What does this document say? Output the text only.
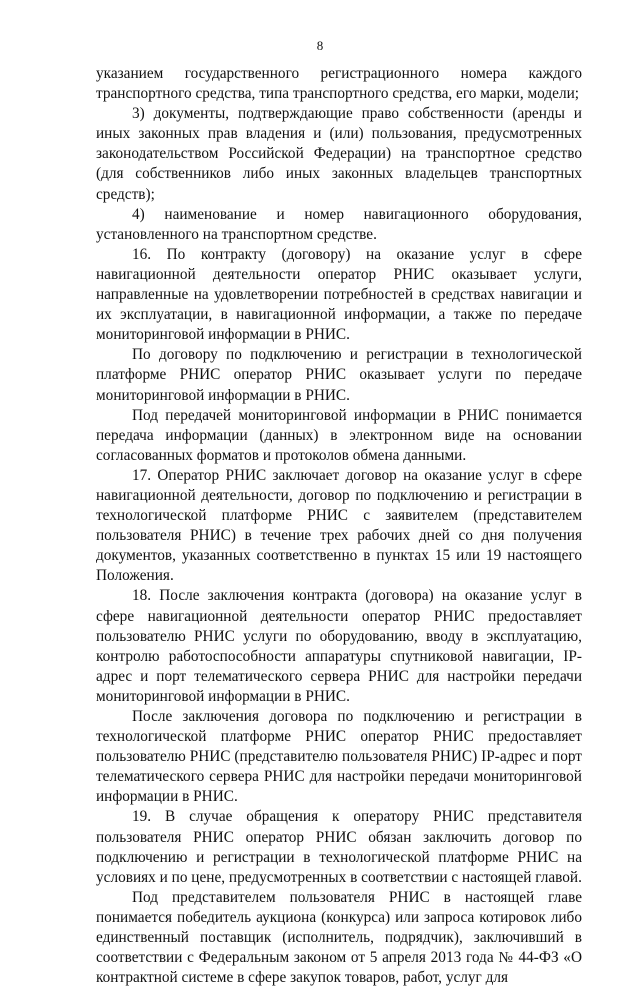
8

указанием государственного регистрационного номера каждого транспортного средства, типа транспортного средства, его марки, модели;

3) документы, подтверждающие право собственности (аренды и иных законных прав владения и (или) пользования, предусмотренных законодательством Российской Федерации) на транспортное средство (для собственников либо иных законных владельцев транспортных средств);

4) наименование и номер навигационного оборудования, установленного на транспортном средстве.

16. По контракту (договору) на оказание услуг в сфере навигационной деятельности оператор РНИС оказывает услуги, направленные на удовлетворении потребностей в средствах навигации и их эксплуатации, в навигационной информации, а также по передаче мониторинговой информации в РНИС.

По договору по подключению и регистрации в технологической платформе РНИС оператор РНИС оказывает услуги по передаче мониторинговой информации в РНИС.

Под передачей мониторинговой информации в РНИС понимается передача информации (данных) в электронном виде на основании согласованных форматов и протоколов обмена данными.

17. Оператор РНИС заключает договор на оказание услуг в сфере навигационной деятельности, договор по подключению и регистрации в технологической платформе РНИС с заявителем (представителем пользователя РНИС) в течение трех рабочих дней со дня получения документов, указанных соответственно в пунктах 15 или 19 настоящего Положения.

18. После заключения контракта (договора) на оказание услуг в сфере навигационной деятельности оператор РНИС предоставляет пользователю РНИС услуги по оборудованию, вводу в эксплуатацию, контролю работоспособности аппаратуры спутниковой навигации, IP-адрес и порт телематического сервера РНИС для настройки передачи мониторинговой информации в РНИС.

После заключения договора по подключению и регистрации в технологической платформе РНИС оператор РНИС предоставляет пользователю РНИС (представителю пользователя РНИС) IP-адрес и порт телематического сервера РНИС для настройки передачи мониторинговой информации в РНИС.

19. В случае обращения к оператору РНИС представителя пользователя РНИС оператор РНИС обязан заключить договор по подключению и регистрации в технологической платформе РНИС на условиях и по цене, предусмотренных в соответствии с настоящей главой.

Под представителем пользователя РНИС в настоящей главе понимается победитель аукциона (конкурса) или запроса котировок либо единственный поставщик (исполнитель, подрядчик), заключивший в соответствии с Федеральным законом от 5 апреля 2013 года № 44-ФЗ «О контрактной системе в сфере закупок товаров, работ, услуг для
